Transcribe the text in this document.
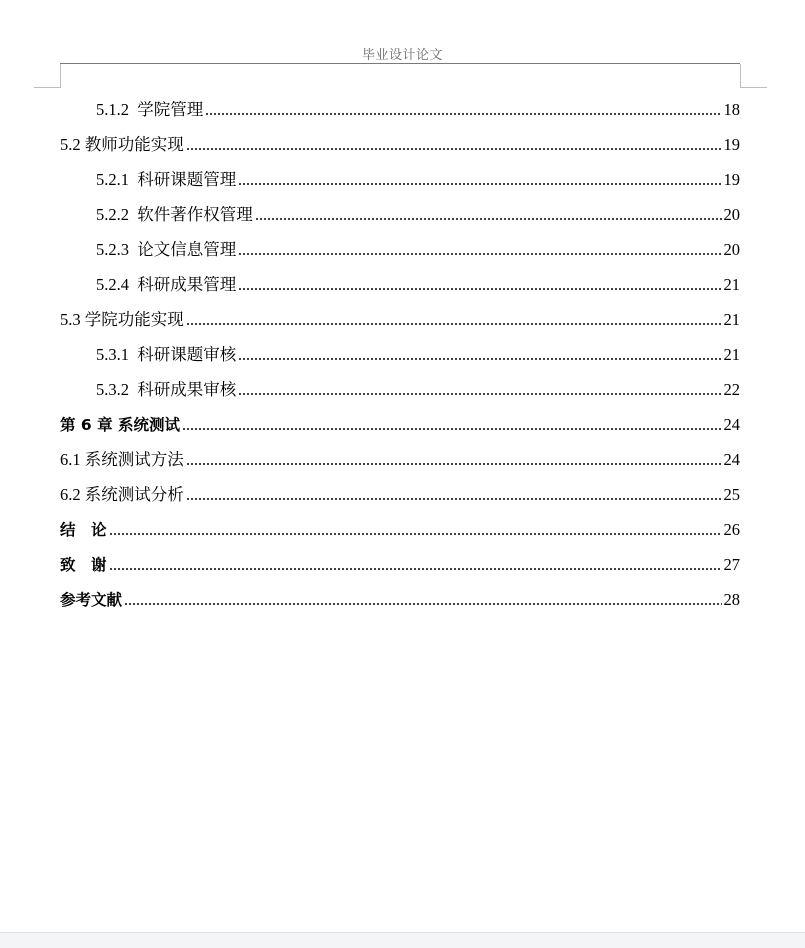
毕业设计论文
5.1.2 学院管理	18
5.2 教师功能实现	19
5.2.1 科研课题管理	19
5.2.2 软件著作权管理	20
5.2.3 论文信息管理	20
5.2.4 科研成果管理	21
5.3 学院功能实现	21
5.3.1 科研课题审核	21
5.3.2 科研成果审核	22
第 6 章 系统测试	24
6.1 系统测试方法	24
6.2 系统测试分析	25
结　论	26
致　谢	27
参考文献	28
